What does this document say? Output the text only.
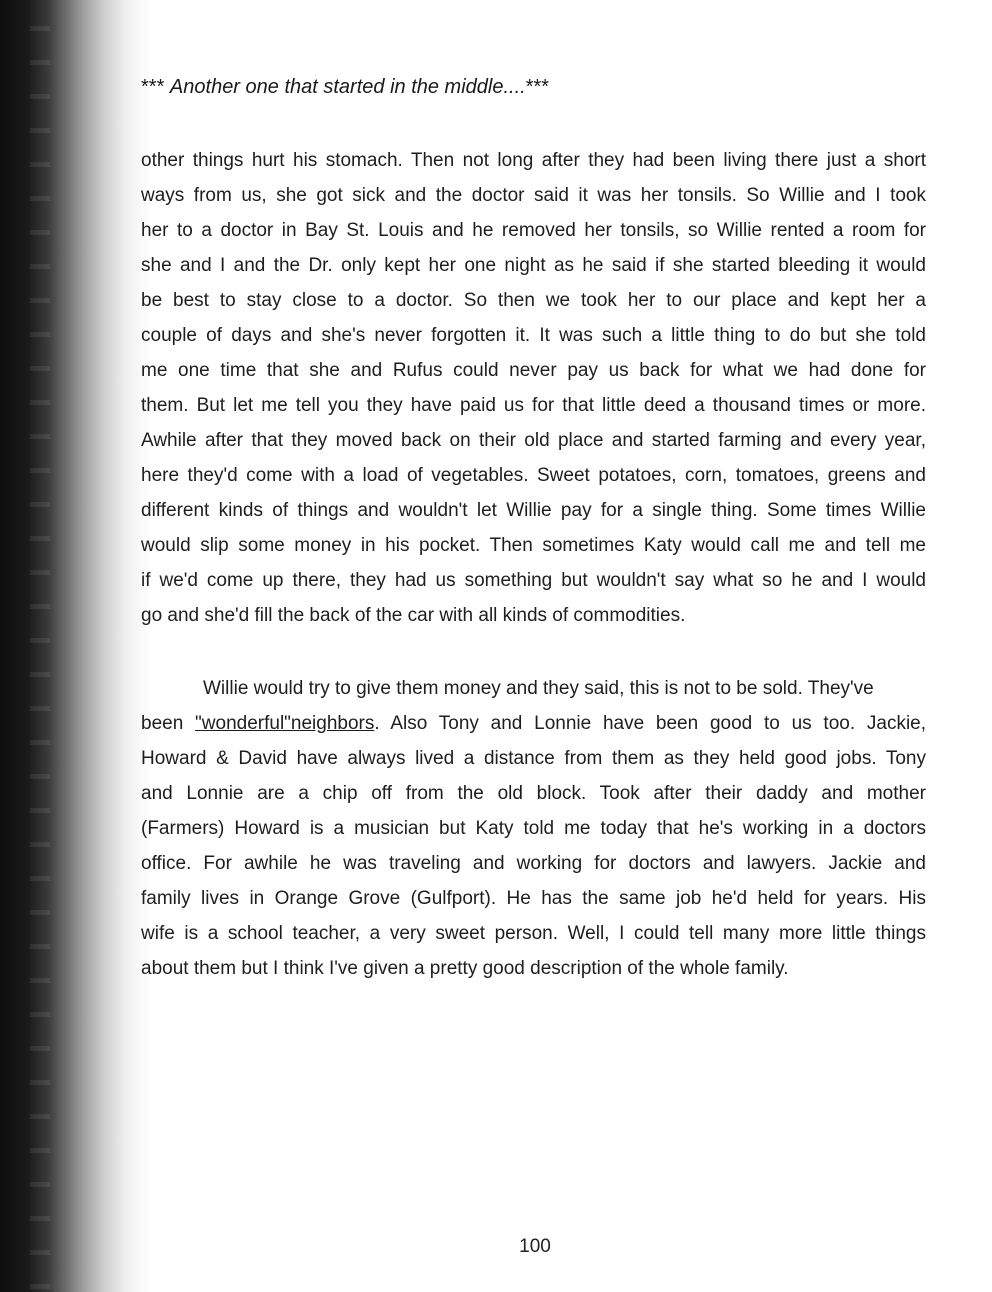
*** Another one that started in the middle....***
other things hurt his stomach. Then not long after they had been living there just a short
ways from us, she got sick and the doctor said it was her tonsils. So Willie and I took
her to a doctor in Bay St. Louis and he removed her tonsils, so Willie rented a room for
she and I and the Dr. only kept her one night as he said if she started bleeding it would
be best to stay close to a doctor. So then we took her to our place and kept her a
couple of days and she's never forgotten it. It was such a little thing to do but she told
me one time that she and Rufus could never pay us back for what we had done for
them. But let me tell you they have paid us for that little deed a thousand times or more.
Awhile after that they moved back on their old place and started farming and every year,
here they'd come with a load of vegetables. Sweet potatoes, corn, tomatoes, greens and
different kinds of things and wouldn't let Willie pay for a single thing. Some times Willie
would slip some money in his pocket. Then sometimes Katy would call me and tell me
if we'd come up there, they had us something but wouldn't say what so he and I would
go and she'd fill the back of the car with all kinds of commodities.
Willie would try to give them money and they said, this is not to be sold. They've
been "wonderful"neighbors. Also Tony and Lonnie have been good to us too. Jackie,
Howard & David have always lived a distance from them as they held good jobs. Tony
and Lonnie are a chip off from the old block. Took after their daddy and mother
(Farmers) Howard is a musician but Katy told me today that he's working in a doctors
office. For awhile he was traveling and working for doctors and lawyers. Jackie and
family lives in Orange Grove (Gulfport). He has the same job he'd held for years. His
wife is a school teacher, a very sweet person. Well, I could tell many more little things
about them but I think I've given a pretty good description of the whole family.
100
